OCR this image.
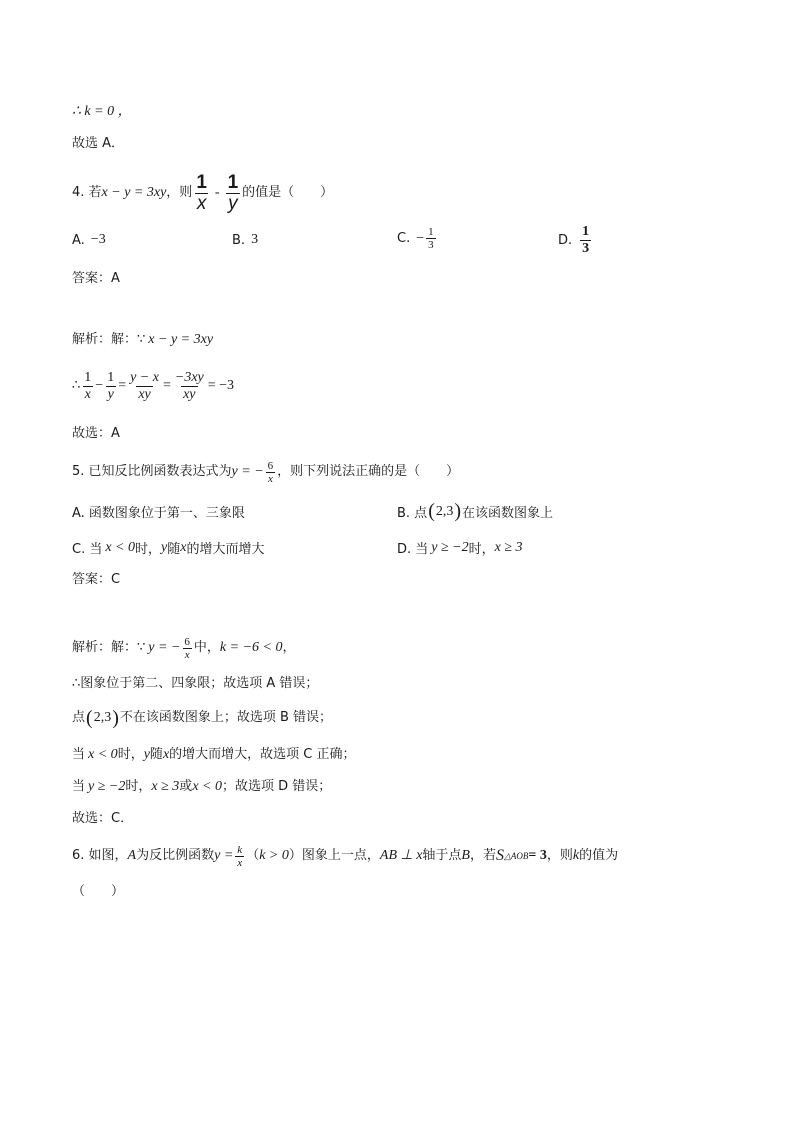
∴ k = 0 ，
故选 A．
4. 若 x − y = 3xy ，则 $\frac{1}{x} - \frac{1}{y}$ 的值是（　　）
A. −3	B. 3	C. − $\frac{1}{3}$	D. $\frac{1}{3}$
答案：A
解析：解：∵ x − y = 3xy
∴ $\frac{1}{x} - \frac{1}{y} = \frac{y - x}{xy} = \frac{-3xy}{xy} = -3$
故选：A
5. 已知反比例函数表达式为 y = − $\frac{6}{x}$ ，则下列说法正确的是（　　）
A. 函数图象位于第一、三象限	B. 点 ( 2,3 ) 在该函数图象上
C. 当 x < 0 时， y 随 x 的增大而增大	D. 当 y ≥ −2 时， x ≥ 3
答案：C
解析：解：∵ y = − $\frac{6}{x}$ 中， k = −6 < 0 ，
∴图象位于第二、四象限；故选项 A 错误；
点 ( 2,3 ) 不在该函数图象上；故选项 B 错误；
当 x < 0 时， y 随 x 的增大而增大，故选项 C 正确；
当 y ≥ −2 时， x ≥ 3 或 x < 0 ；故选项 D 错误；
故选：C．
6. 如图， A 为反比例函数 $y = \frac{k}{x}$ （ k > 0 ）图象上一点， AB ⊥ x 轴于点 B ，若 S △AOB = 3 ，则 k 的值为
（　　）
